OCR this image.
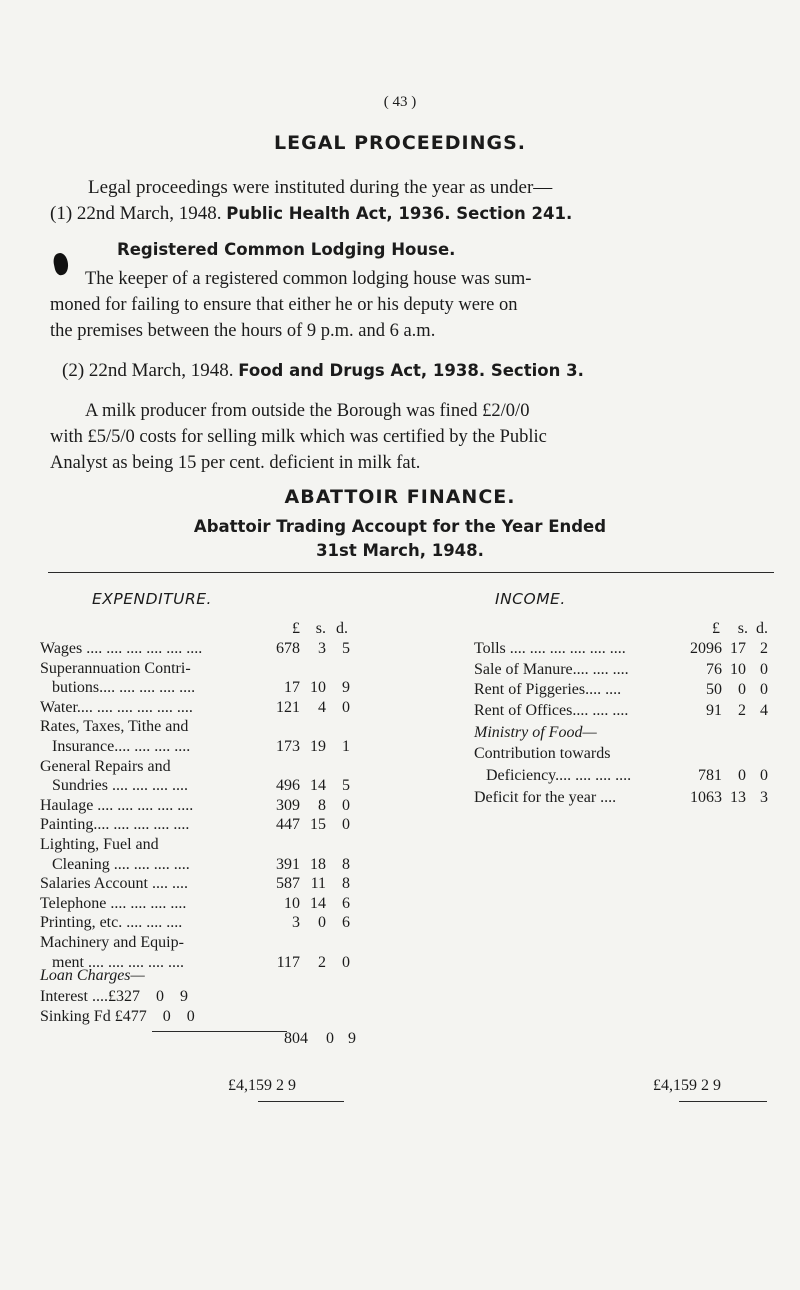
( 43 )
LEGAL PROCEEDINGS.
Legal proceedings were instituted during the year as under—
(1) 22nd March, 1948. Public Health Act, 1936. Section 241.
Registered Common Lodging House.
The keeper of a registered common lodging house was sum-
moned for failing to ensure that either he or his deputy were on
the premises between the hours of 9 p.m. and 6 a.m.
(2) 22nd March, 1948. Food and Drugs Act, 1938. Section 3.
A milk producer from outside the Borough was fined £2/0/0
with £5/5/0 costs for selling milk which was certified by the Public
Analyst as being 15 per cent. deficient in milk fat.
ABATTOIR FINANCE.
Abattoir Trading Accoupt for the Year Ended
31st March, 1948.
EXPENDITURE.
£ s. d.
Wages .... .... .... .... .... ....	678	3	5
Superannuation Contri-
butions.... .... .... .... ....	17 10	9
Water.... .... .... .... .... ....	121	4	0
Rates, Taxes, Tithe and
Insurance.... .... .... ....	173 19	1
General Repairs and
Sundries .... .... .... ....	496 14	5
Haulage .... .... .... .... ....	309	8	0
Painting.... .... .... .... ....	447 15	0
Lighting, Fuel and
Cleaning .... .... .... ....	391 18	8
Salaries Account .... ....	587 11	8
Telephone .... .... .... ....	10 14	6
Printing, etc. .... .... ....	3	0	6
Machinery and Equip-
ment .... .... .... .... ....	117	2	0
Loan Charges—
Interest ....£327 0 9
Sinking Fd £477 0 0
804	0 9
£4,159 2 9
INCOME.
£	s. d.
Tolls .... .... .... .... .... ....	2096 17 2
Sale of Manure.... .... ....	76 10 0
Rent of Piggeries.... ....	50	0 0
Rent of Offices.... .... ....	91	2 4
Ministry of Food—
Contribution towards
Deficiency.... .... .... ....	781	0 0
Deficit for the year ....	1063 13 3
£4,159 2 9
